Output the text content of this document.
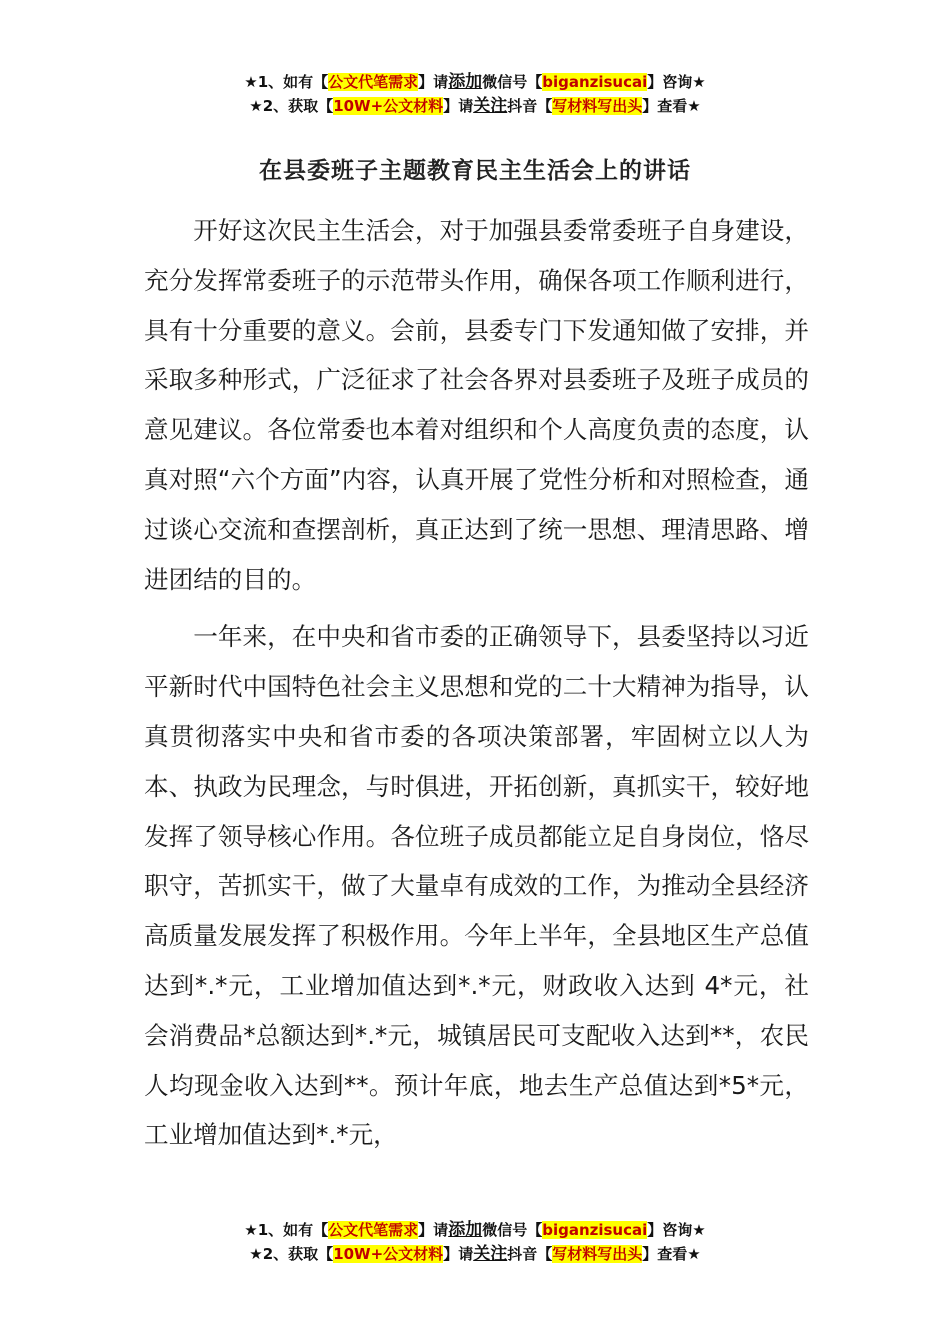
★1、如有【公文代笔需求】请添加微信号【biganzisucai】咨询★
★2、获取【10W+公文材料】请关注抖音【写材料写出头】查看★
在县委班子主题教育民主生活会上的讲话

开好这次民主生活会，对于加强县委常委班子自身建设，充分发挥常委班子的示范带头作用，确保各项工作顺利进行，具有十分重要的意义。会前，县委专门下发通知做了安排，并采取多种形式，广泛征求了社会各界对县委班子及班子成员的意见建议。各位常委也本着对组织和个人高度负责的态度，认真对照“六个方面”内容，认真开展了党性分析和对照检查，通过谈心交流和查摆剖析，真正达到了统一思想、理清思路、增进团结的目的。

一年来，在中央和省市委的正确领导下，县委坚持以习近平新时代中国特色社会主义思想和党的二十大精神为指导，认真贯彻落实中央和省市委的各项决策部署，牢固树立以人为本、执政为民理念，与时俱进，开拓创新，真抓实干，较好地发挥了领导核心作用。各位班子成员都能立足自身岗位，恪尽职守，苦抓实干，做了大量卓有成效的工作，为推动全县经济高质量发展发挥了积极作用。今年上半年，全县地区生产总值达到*.*元，工业增加值达到*.*元，财政收入达到 4*元，社会消费品*总额达到*.*元，城镇居民可支配收入达到**，农民人均现金收入达到**。预计年底，地去生产总值达到*5*元，工业增加值达到*.*元，

★1、如有【公文代笔需求】请添加微信号【biganzisucai】咨询★
★2、获取【10W+公文材料】请关注抖音【写材料写出头】查看★
